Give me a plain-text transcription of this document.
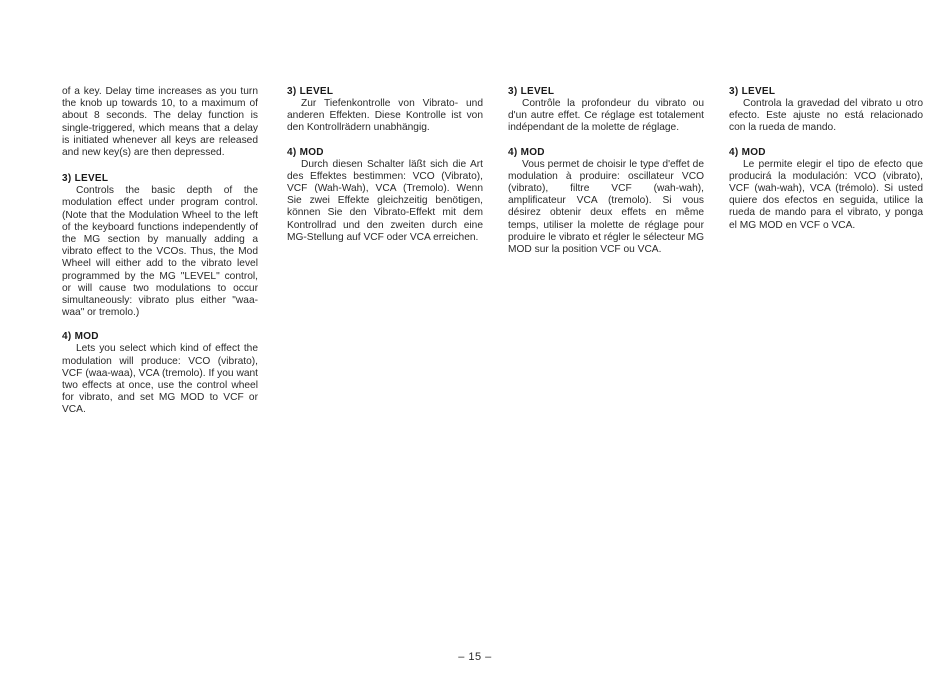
of a key. Delay time increases as you turn the knob up towards 10, to a maximum of about 8 seconds. The delay function is single-triggered, which means that a delay is initiated whenever all keys are released and new key(s) are then depressed.

3) LEVEL

Controls the basic depth of the modulation effect under program control. (Note that the Modulation Wheel to the left of the keyboard functions independently of the MG section by manually adding a vibrato effect to the VCOs. Thus, the Mod Wheel will either add to the vibrato level programmed by the MG "LEVEL" control, or will cause two modulations to occur simultaneously: vibrato plus either "waa-waa" or tremolo.)

4) MOD

Lets you select which kind of effect the modulation will produce: VCO (vibrato), VCF (waa-waa), VCA (tremolo). If you want two effects at once, use the control wheel for vibrato, and set MG MOD to VCF or VCA.

3) LEVEL

Zur Tiefenkontrolle von Vibrato- und anderen Effekten. Diese Kontrolle ist von den Kontrollrädern unabhängig.

4) MOD

Durch diesen Schalter läßt sich die Art des Effektes bestimmen: VCO (Vibrato), VCF (Wah-Wah), VCA (Tremolo). Wenn Sie zwei Effekte gleichzeitig benötigen, können Sie den Vibrato-Effekt mit dem Kontrollrad und den zweiten durch eine MG-Stellung auf VCF oder VCA erreichen.

3) LEVEL

Contrôle la profondeur du vibrato ou d'un autre effet. Ce réglage est totalement indépendant de la molette de réglage.

4) MOD

Vous permet de choisir le type d'effet de modulation à produire: oscillateur VCO (vibrato), filtre VCF (wah-wah), amplificateur VCA (tremolo). Si vous désirez obtenir deux effets en même temps, utiliser la molette de réglage pour produire le vibrato et régler le sélecteur MG MOD sur la position VCF ou VCA.

3) LEVEL

Controla la gravedad del vibrato u otro efecto. Este ajuste no está relacionado con la rueda de mando.

4) MOD

Le permite elegir el tipo de efecto que producirá la modulación: VCO (vibrato), VCF (wah-wah), VCA (trémolo). Si usted quiere dos efectos en seguida, utilice la rueda de mando para el vibrato, y ponga el MG MOD en VCF o VCA.

– 15 –
